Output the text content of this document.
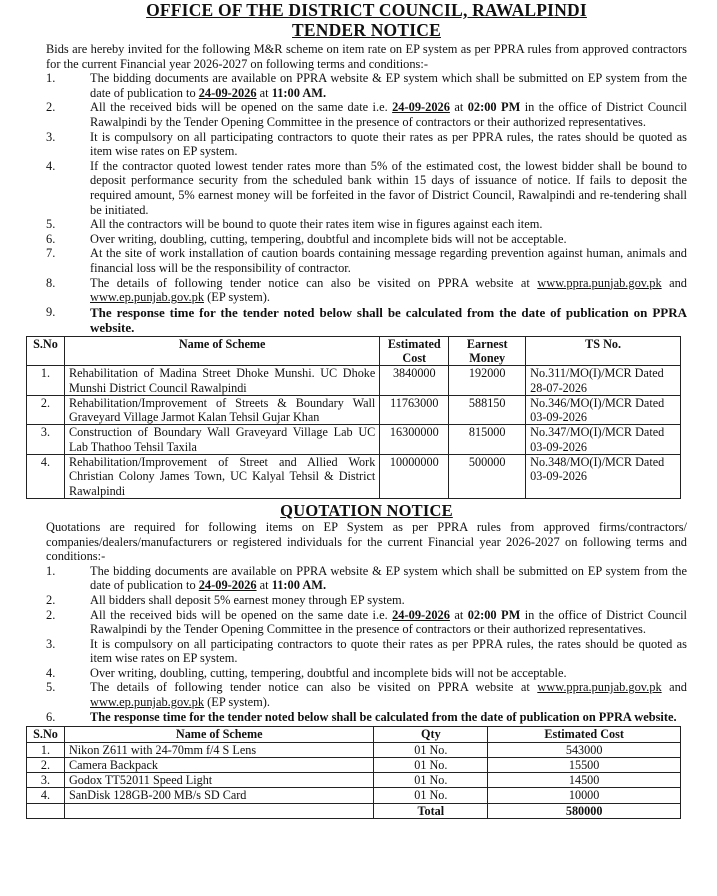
OFFICE OF THE DISTRICT COUNCIL, RAWALPINDI
TENDER NOTICE
Bids are hereby invited for the following M&R scheme on item rate on EP system as per PPRA rules from approved contractors for the current Financial year 2026-2027 on following terms and conditions:-
1.	The bidding documents are available on PPRA website & EP system which shall be submitted on EP system from the date of publication to 24-09-2026 at 11:00 AM.
2.	All the received bids will be opened on the same date i.e. 24-09-2026 at 02:00 PM in the office of District Council Rawalpindi by the Tender Opening Committee in the presence of contractors or their authorized representatives.
3.	It is compulsory on all participating contractors to quote their rates as per PPRA rules, the rates should be quoted as item wise rates on EP system.
4.	If the contractor quoted lowest tender rates more than 5% of the estimated cost, the lowest bidder shall be bound to deposit performance security from the scheduled bank within 15 days of issuance of notice. If fails to deposit the required amount, 5% earnest money will be forfeited in the favor of District Council, Rawalpindi and re-tendering shall be initiated.
5.	All the contractors will be bound to quote their rates item wise in figures against each item.
6.	Over writing, doubling, cutting, tempering, doubtful and incomplete bids will not be acceptable.
7.	At the site of work installation of caution boards containing message regarding prevention against human, animals and financial loss will be the responsibility of contractor.
8.	The details of following tender notice can also be visited on PPRA website at www.ppra.punjab.gov.pk and www.ep.punjab.gov.pk (EP system).
9.	The response time for the tender noted below shall be calculated from the date of publication on PPRA website.
S.No	Name of Scheme	Estimated Cost	Earnest Money	TS No.
1.	Rehabilitation of Madina Street Dhoke Munshi. UC Dhoke Munshi District Council Rawalpindi	3840000	192000	No.311/MO(I)/MCR Dated 28-07-2026
2.	Rehabilitation/Improvement of Streets & Boundary Wall Graveyard Village Jarmot Kalan Tehsil Gujar Khan	11763000	588150	No.346/MO(I)/MCR Dated 03-09-2026
3.	Construction of Boundary Wall Graveyard Village Lab UC Lab Thathoo Tehsil Taxila	16300000	815000	No.347/MO(I)/MCR Dated 03-09-2026
4.	Rehabilitation/Improvement of Street and Allied Work Christian Colony James Town, UC Kalyal Tehsil & District Rawalpindi	10000000	500000	No.348/MO(I)/MCR Dated 03-09-2026
QUOTATION NOTICE
Quotations are required for following items on EP System as per PPRA rules from approved firms/contractors/ companies/dealers/manufacturers or registered individuals for the current Financial year 2026-2027 on following terms and conditions:-
1.	The bidding documents are available on PPRA website & EP system which shall be submitted on EP system from the date of publication to 24-09-2026 at 11:00 AM.
2.	All bidders shall deposit 5% earnest money through EP system.
2.	All the received bids will be opened on the same date i.e. 24-09-2026 at 02:00 PM in the office of District Council Rawalpindi by the Tender Opening Committee in the presence of contractors or their authorized representatives.
3.	It is compulsory on all participating contractors to quote their rates as per PPRA rules, the rates should be quoted as item wise rates on EP system.
4.	Over writing, doubling, cutting, tempering, doubtful and incomplete bids will not be acceptable.
5.	The details of following tender notice can also be visited on PPRA website at www.ppra.punjab.gov.pk and www.ep.punjab.gov.pk (EP system).
6.	The response time for the tender noted below shall be calculated from the date of publication on PPRA website.
S.No	Name of Scheme	Qty	Estimated Cost
1.	Nikon Z611 with 24-70mm f/4 S Lens	01 No.	543000
2.	Camera Backpack	01 No.	15500
3.	Godox TT52011 Speed Light	01 No.	14500
4.	SanDisk 128GB-200 MB/s SD Card	01 No.	10000
		Total	580000
